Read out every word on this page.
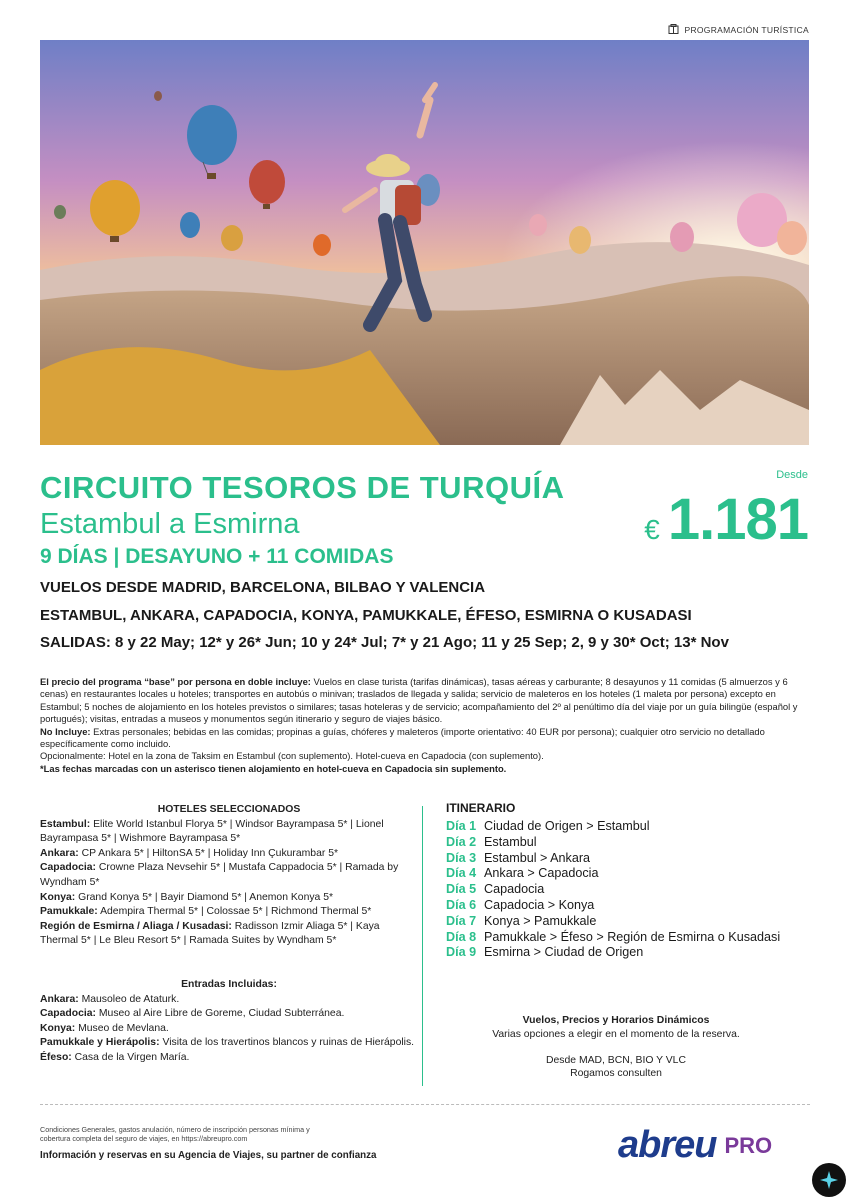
PROGRAMACIÓN TURÍSTICA
CIRCUITO TESOROS DE TURQUÍA
Estambul a Esmirna
9 DÍAS | DESAYUNO + 11 COMIDAS
Desde
€ 1.181
VUELOS DESDE MADRID, BARCELONA, BILBAO Y VALENCIA
ESTAMBUL, ANKARA, CAPADOCIA, KONYA, PAMUKKALE, ÉFESO, ESMIRNA O KUSADASI
SALIDAS: 8 y 22 May; 12* y 26* Jun; 10 y 24* Jul; 7* y 21 Ago; 11 y 25 Sep; 2, 9 y 30* Oct; 13* Nov

El precio del programa “base” por persona en doble incluye: Vuelos en clase turista (tarifas dinámicas), tasas aéreas y carburante; 8 desayunos y 11 comidas (5 almuerzos y 6 cenas) en restaurantes locales u hoteles; transportes en autobús o minivan; traslados de llegada y salida; servicio de maleteros en los hoteles (1 maleta por persona) excepto en Estambul; 5 noches de alojamiento en los hoteles previstos o similares; tasas hoteleras y de servicio; acompañamiento del 2º al penúltimo día del viaje por un guía bilingüe (español y portugués); visitas, entradas a museos y monumentos según itinerario y seguro de viajes básico.

No Incluye: Extras personales; bebidas en las comidas; propinas a guías, chóferes y maleteros (importe orientativo: 40 EUR por persona); cualquier otro servicio no detallado específicamente como incluido.

Opcionalmente: Hotel en la zona de Taksim en Estambul (con suplemento). Hotel-cueva en Capadocia (con suplemento).

*Las fechas marcadas con un asterisco tienen alojamiento en hotel-cueva en Capadocia sin suplemento.

HOTELES SELECCIONADOS

Estambul: Elite World Istanbul Florya 5* | Windsor Bayrampasa 5* | Lionel Bayrampasa 5* | Wishmore Bayrampasa 5*

Ankara: CP Ankara 5* | HiltonSA 5* | Holiday Inn Çukurambar 5*

Capadocia: Crowne Plaza Nevsehir 5* | Mustafa Cappadocia 5* | Ramada by Wyndham 5*

Konya: Grand Konya 5* | Bayir Diamond 5* | Anemon Konya 5*

Pamukkale: Adempira Thermal 5* | Colossae 5* | Richmond Thermal 5*

Región de Esmirna / Aliaga / Kusadasi: Radisson Izmir Aliaga 5* | Kaya Thermal 5* | Le Bleu Resort 5* | Ramada Suites by Wyndham 5*

Entradas Incluidas:

Ankara: Mausoleo de Ataturk.

Capadocia: Museo al Aire Libre de Goreme, Ciudad Subterránea.

Konya: Museo de Mevlana.

Pamukkale y Hierápolis: Visita de los travertinos blancos y ruinas de Hierápolis.

Éfeso: Casa de la Virgen María.

ITINERARIO
Día 1 Ciudad de Origen > Estambul
Día 2 Estambul
Día 3 Estambul > Ankara
Día 4 Ankara > Capadocia
Día 5 Capadocia
Día 6 Capadocia > Konya
Día 7 Konya > Pamukkale
Día 8 Pamukkale > Éfeso > Región de Esmirna o Kusadasi
Día 9 Esmirna > Ciudad de Origen
Vuelos, Precios y Horarios Dinámicos
Varias opciones a elegir en el momento de la reserva.
Desde MAD, BCN, BIO Y VLC
Rogamos consulten
Condiciones Generales, gastos anulación, número de inscripción personas mínima y cobertura completa del seguro de viajes, en https://abreupro.com
Información y reservas en su Agencia de Viajes, su partner de confianza	abreu PRO
